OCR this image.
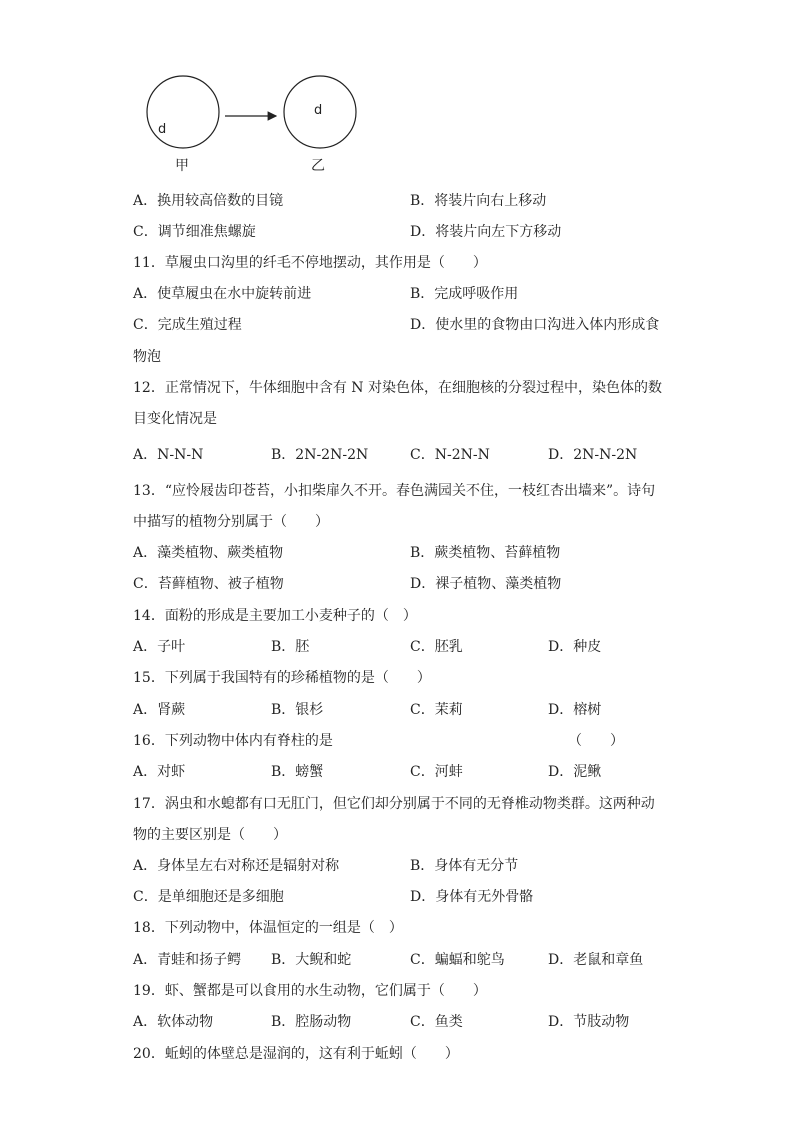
d
d
甲	乙
A．换用较高倍数的目镜	B．将装片向右上移动
C．调节细准焦螺旋	D．将装片向左下方移动
11．草履虫口沟里的纤毛不停地摆动，其作用是（　　）
A．使草履虫在水中旋转前进	B．完成呼吸作用
C．完成生殖过程	D．使水里的食物由口沟进入体内形成食
物泡
12．正常情况下，牛体细胞中含有 N 对染色体，在细胞核的分裂过程中，染色体的数
目变化情况是
A．N-N-N	B．2N-2N-2N	C．N-2N-N	D．2N-N-2N
13．“应怜屐齿印苍苔，小扣柴扉久不开。春色满园关不住，一枝红杏出墙来”。诗句
中描写的植物分别属于（　　）
A．藻类植物、蕨类植物	B．蕨类植物、苔藓植物
C．苔藓植物、被子植物	D．裸子植物、藻类植物
14．面粉的形成是主要加工小麦种子的（　）
A．子叶	B．胚	C．胚乳	D．种皮
15．下列属于我国特有的珍稀植物的是（　　）
A．肾蕨	B．银杉	C．茉莉	D．榕树
16．下列动物中体内有脊柱的是	（　　）
A．对虾	B．螃蟹	C．河蚌	D．泥鳅
17．涡虫和水螅都有口无肛门，但它们却分别属于不同的无脊椎动物类群。这两种动
物的主要区别是（　　）
A．身体呈左右对称还是辐射对称	B．身体有无分节
C．是单细胞还是多细胞	D．身体有无外骨骼
18．下列动物中，体温恒定的一组是（　）
A．青蛙和扬子鳄 B．大鲵和蛇	C．蝙蝠和鸵鸟	D．老鼠和章鱼
19．虾、蟹都是可以食用的水生动物，它们属于（　　）
A．软体动物	B．腔肠动物	C．鱼类	D．节肢动物
20．蚯蚓的体壁总是湿润的，这有利于蚯蚓（　　）
